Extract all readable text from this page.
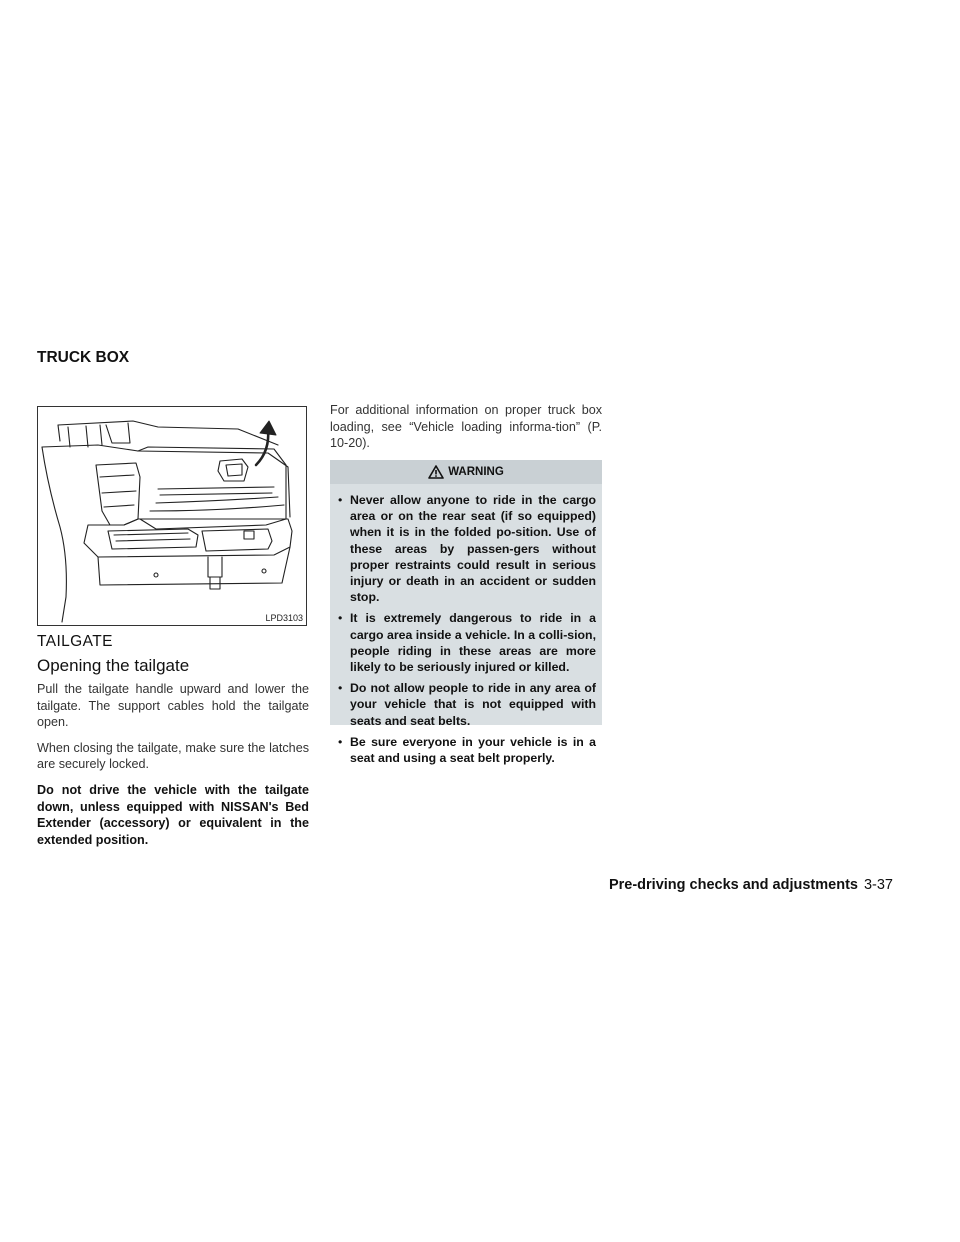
TRUCK BOX
LPD3103
TAILGATE
Opening the tailgate

Pull the tailgate handle upward and lower the tailgate. The support cables hold the tailgate open.

When closing the tailgate, make sure the latches are securely locked.

Do not drive the vehicle with the tailgate down, unless equipped with NISSAN's Bed Extender (accessory) or equivalent in the extended position.

For additional information on proper truck box loading, see “Vehicle loading informa-tion” (P. 10-20).
WARNING
• Never allow anyone to ride in the cargo area or on the rear seat (if so equipped) when it is in the folded po-sition. Use of these areas by passen-gers without proper restraints could result in serious injury or death in an accident or sudden stop.
• It is extremely dangerous to ride in a cargo area inside a vehicle. In a colli-sion, people riding in these areas are more likely to be seriously injured or killed.
• Do not allow people to ride in any area of your vehicle that is not equipped with seats and seat belts.
• Be sure everyone in your vehicle is in a seat and using a seat belt properly.
Pre-driving checks and adjustments 3-37
